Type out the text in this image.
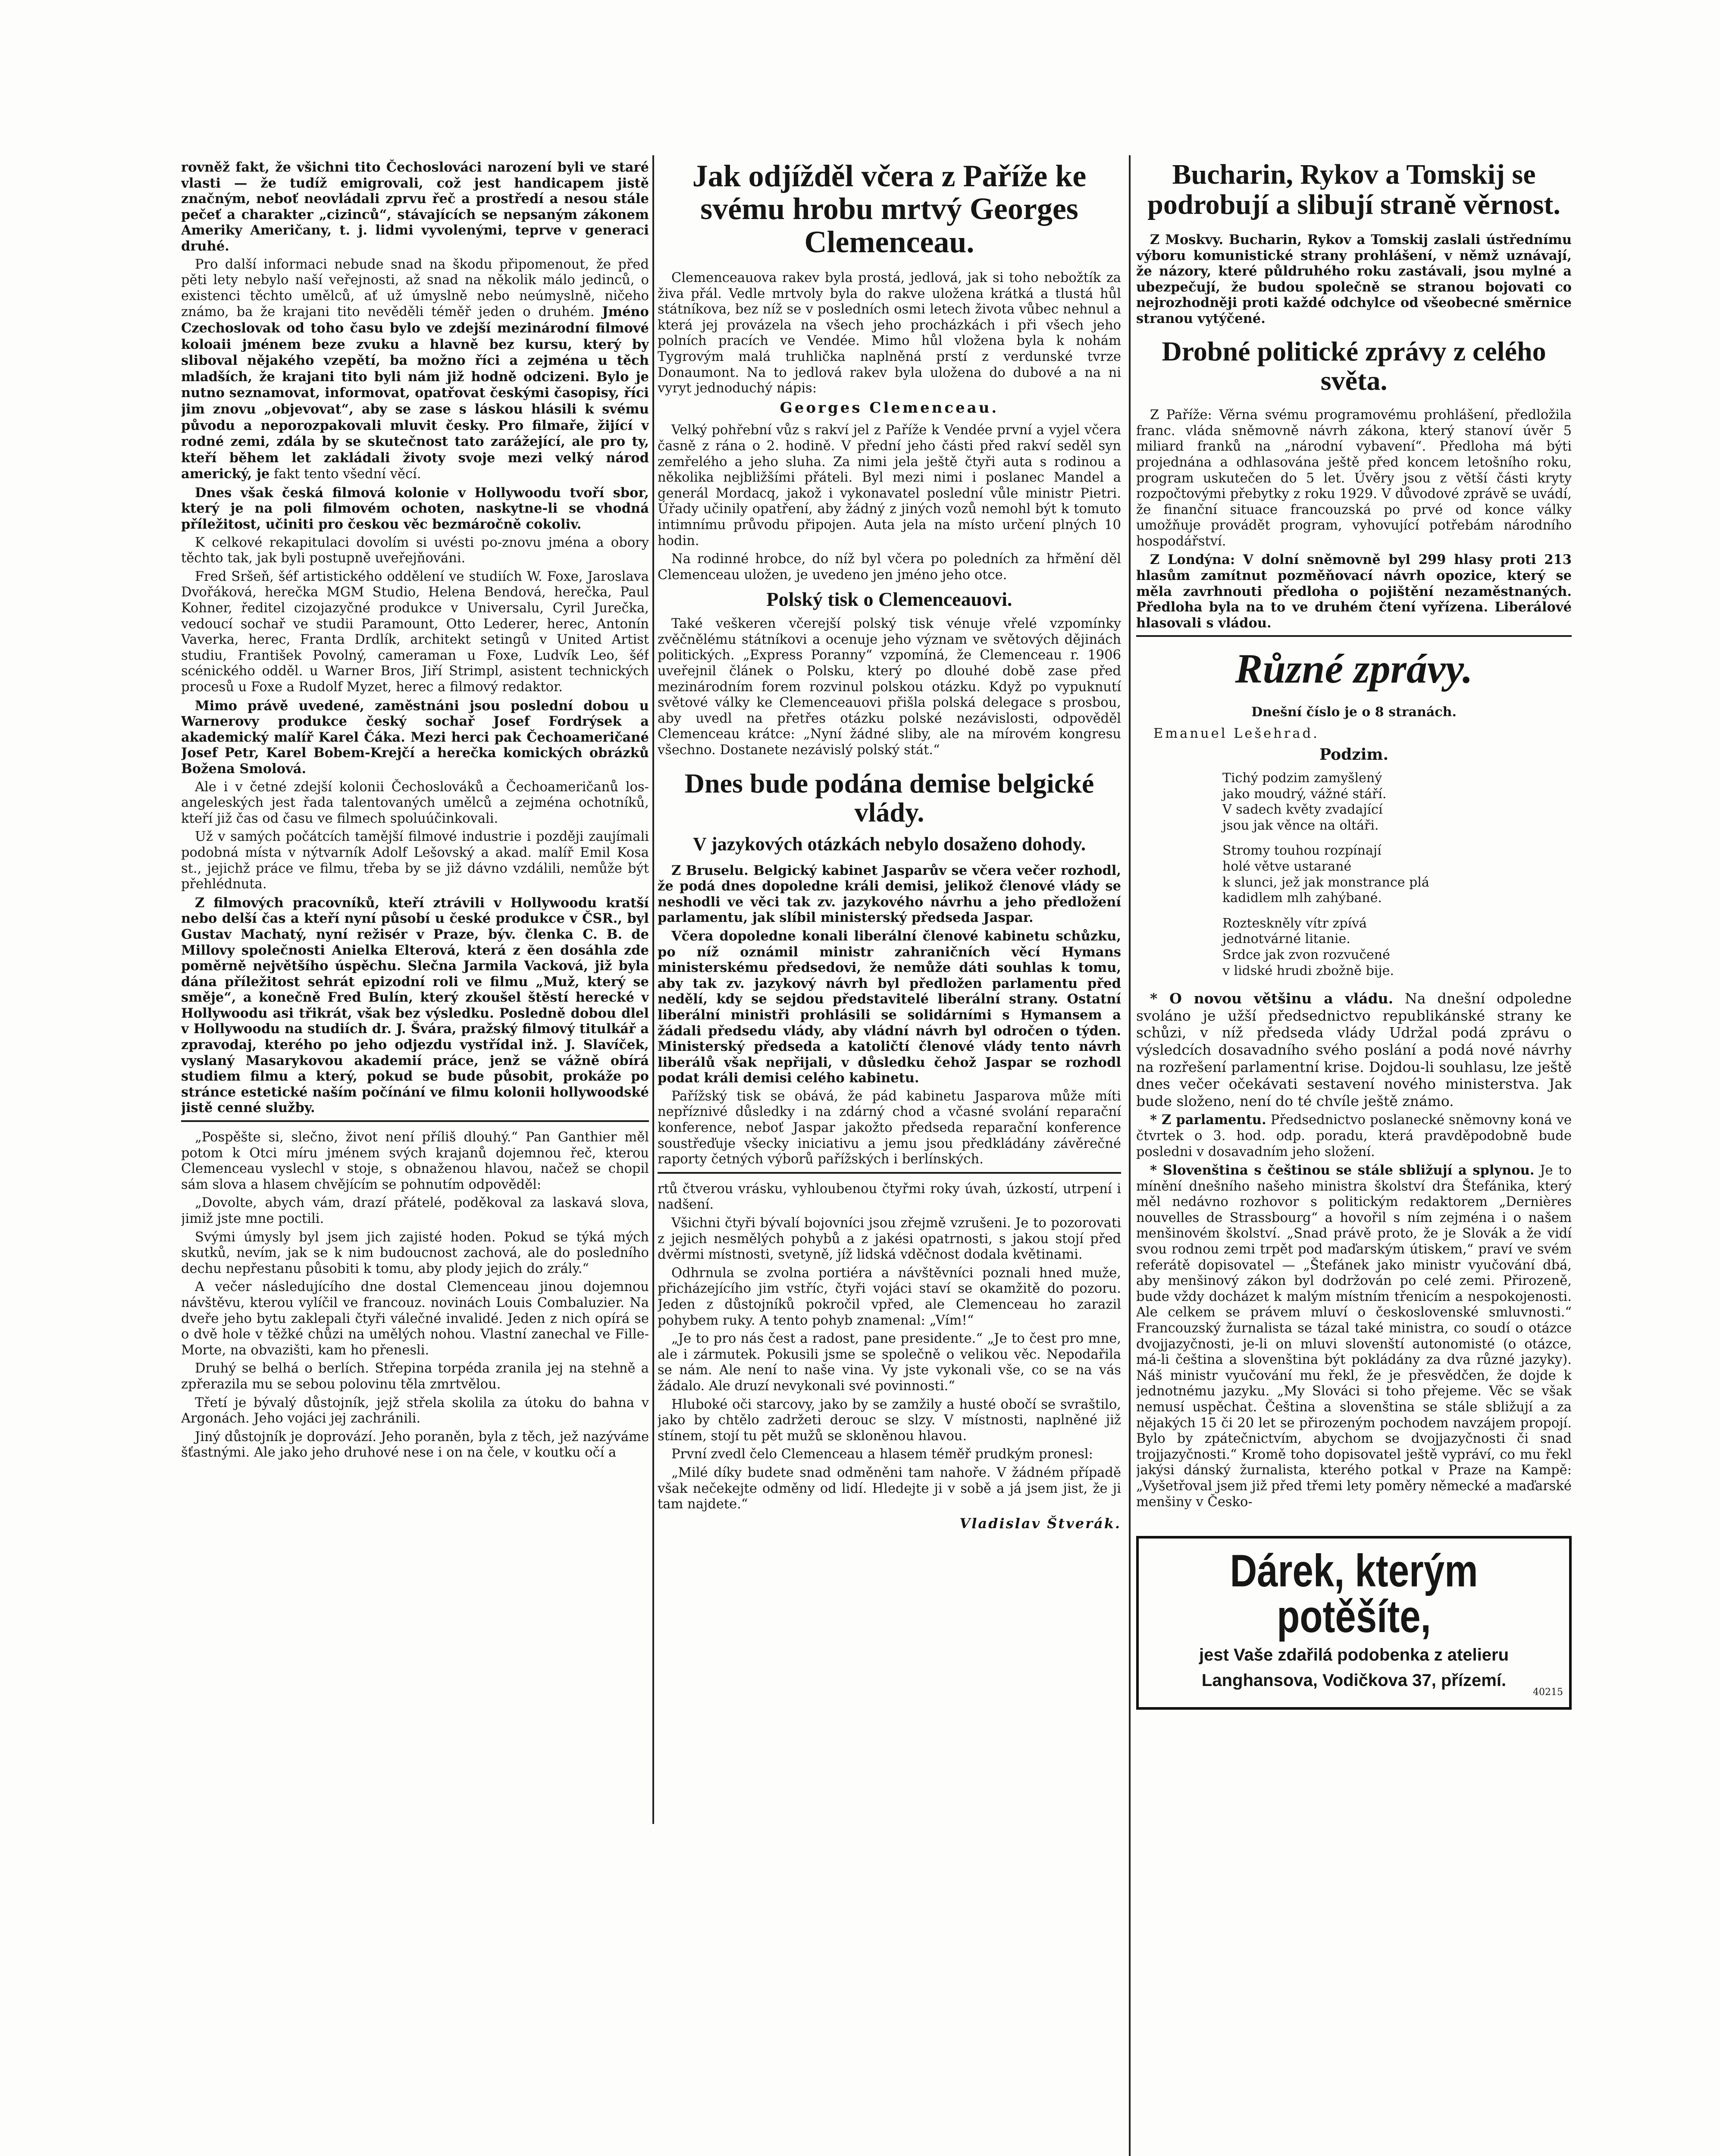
rovněž fakt, že všichni tito Čechoslováci narození byli ve staré vlasti — že tudíž emigrovali, což jest handicapem jistě značným, neboť neovládali zprvu řeč a prostředí a nesou stále pečeť a charakter „cizinců“, stávajících se nepsaným zákonem Ameriky Američany, t. j. lidmi vyvolenými, teprve v generaci druhé.

Pro další informaci nebude snad na škodu připomenout, že před pěti lety nebylo naší veřejnosti, až snad na několik málo jedinců, o existenci těchto umělců, ať už úmyslně nebo neúmyslně, ničeho známo, ba že krajani tito nevěděli téměř jeden o druhém. Jméno Czechoslovak od toho času bylo ve zdejší mezinárodní filmové koloaii jménem beze zvuku a hlavně bez kursu, který by sliboval nějakého vzepětí, ba možno říci a zejména u těch mladších, že krajani tito byli nám již hodně odcizeni. Bylo je nutno seznamovat, informovat, opatřovat českými časopisy, říci jim znovu „objevovat“, aby se zase s láskou hlásili k svému původu a neporozpakovali mluvit česky. Pro filmaře, žijící v rodné zemi, zdála by se skutečnost tato zarážející, ale pro ty, kteří během let zakládali životy svoje mezi velký národ americký, je fakt tento všední věcí.

Dnes však česká filmová kolonie v Hollywoodu tvoří sbor, který je na poli filmovém ochoten, naskytne-li se vhodná příležitost, učiniti pro českou věc bezmáročně cokoliv.

K celkové rekapitulaci dovolím si uvésti po-znovu jména a obory těchto tak, jak byli postupně uveřejňováni.

Fred Sršeň, šéf artistického oddělení ve studiích W. Foxe, Jaroslava Dvořáková, herečka MGM Studio, Helena Bendová, herečka, Paul Kohner, ředitel cizojazyčné produkce v Universalu, Cyril Jurečka, vedoucí sochař ve studii Paramount, Otto Lederer, herec, Antonín Vaverka, herec, Franta Drdlík, architekt setingů v United Artist studiu, František Povolný, cameraman u Foxe, Ludvík Leo, šéf scénického odděl. u Warner Bros, Jiří Strimpl, asistent technických procesů u Foxe a Rudolf Myzet, herec a filmový redaktor.

Mimo právě uvedené, zaměstnáni jsou poslední dobou u Warnerovy produkce český sochař Josef Fordrýsek a akademický malíř Karel Čáka. Mezi herci pak Čechoameričané Josef Petr, Karel Bobem-Krejčí a herečka komických obrázků Božena Smolová.

Ale i v četné zdejší kolonii Čechoslováků a Čechoameričanů los-angeleských jest řada talentovaných umělců a zejména ochotníků, kteří již čas od času ve filmech spoluúčinkovali.

Už v samých počátcích tamější filmové industrie i později zaujímali podobná místa v nýtvarník Adolf Lešovský a akad. malíř Emil Kosa st., jejichž práce ve filmu, třeba by se již dávno vzdálili, nemůže být přehlédnuta.

Z filmových pracovníků, kteří ztrávili v Hollywoodu kratší nebo delší čas a kteří nyní působí u české produkce v ČSR., byl Gustav Machatý, nyní režisér v Praze, býv. členka C. B. de Millovy společnosti Anielka Elterová, která z ĕen dosáhla zde poměrně největšího úspěchu. Slečna Jarmila Vacková, již byla dána příležitost sehrát epizodní roli ve filmu „Muž, který se směje“, a konečně Fred Bulín, který zkoušel štěstí herecké v Hollywoodu asi třikrát, však bez výsledku. Posledně dobou dlel v Hollywoodu na studiích dr. J. Švára, pražský filmový titulkář a zpravodaj, kterého po jeho odjezdu vystřídal inž. J. Slavíček, vyslaný Masarykovou akademií práce, jenž se vážně obírá studiem filmu a který, pokud se bude působit, prokáže po stránce estetické naším počínání ve filmu kolonii hollywoodské jistě cenné služby.

„Pospěšte si, slečno, život není příliš dlouhý.“ Pan Ganthier měl potom k Otci míru jménem svých krajanů dojemnou řeč, kterou Clemenceau vyslechl v stoje, s obnaženou hlavou, načež se chopil sám slova a hlasem chvějícím se pohnutím odpověděl:

„Dovolte, abych vám, drazí přátelé, poděkoval za laskavá slova, jimiž jste mne poctili.

Svými úmysly byl jsem jich zajisté hoden. Pokud se týká mých skutků, nevím, jak se k nim budoucnost zachová, ale do posledního dechu nepřestanu působiti k tomu, aby plody jejich do zrály.“

A večer následujícího dne dostal Clemenceau jinou dojemnou návštěvu, kterou vylíčil ve francouz. novinách Louis Combaluzier. Na dveře jeho bytu zaklepali čtyři válečné invalidé. Jeden z nich opírá se o dvě hole v těžké chůzi na umělých nohou. Vlastní zanechal ve Fille-Morte, na obvazišti, kam ho přenesli.

Druhý se belhá o berlích. Střepina torpéda zranila jej na stehně a zpřerazila mu se sebou polovinu těla zmrtvělou.

Třetí je bývalý důstojník, jejž střela skolila za útoku do bahna v Argonách. Jeho vojáci jej zachránili.

Jiný důstojník je doprovází. Jeho poraněn, byla z těch, jež nazýváme šťastnými. Ale jako jeho druhové nese i on na čele, v koutku očí a

Jak odjížděl včera z Paříže ke svému hrobu mrtvý Georges Clemenceau.

Clemenceauova rakev byla prostá, jedlová, jak si toho nebožtík za živa přál. Vedle mrtvoly byla do rakve uložena krátká a tlustá hůl státníkova, bez níž se v posledních osmi letech života vůbec nehnul a která jej provázela na všech jeho procházkách i při všech jeho polních pracích ve Vendée. Mimo hůl vložena byla k nohám Tygrovým malá truhlička naplněná prstí z verdunské tvrze Donaumont. Na to jedlová rakev byla uložena do dubové a na ni vyryt jednoduchý nápis:

Georges Clemenceau.

Velký pohřební vůz s rakví jel z Paříže k Vendée první a vyjel včera časně z rána o 2. hodině. V přední jeho části před rakví seděl syn zemřelého a jeho sluha. Za nimi jela ještě čtyři auta s rodinou a několika nejbližšími přáteli. Byl mezi nimi i poslanec Mandel a generál Mordacq, jakož i vykonavatel poslední vůle ministr Pietri. Úřady učinily opatření, aby žádný z jiných vozů nemohl být k tomuto intimnímu průvodu připojen. Auta jela na místo určení plných 10 hodin.

Na rodinné hrobce, do níž byl včera po poledních za hřmění děl Clemenceau uložen, je uvedeno jen jméno jeho otce.

Polský tisk o Clemenceauovi.

Také veškeren včerejší polský tisk vénuje vřelé vzpomínky zvěčnělému státníkovi a ocenuje jeho význam ve světových dějinách politických. „Express Poranny“ vzpomíná, že Clemenceau r. 1906 uveřejnil článek o Polsku, který po dlouhé době zase před mezinárodním forem rozvinul polskou otázku. Když po vypuknutí světové války ke Clemenceauovi přišla polská delegace s prosbou, aby uvedl na přetřes otázku polské nezávislosti, odpověděl Clemenceau krátce: „Nyní žádné sliby, ale na mírovém kongresu všechno. Dostanete nezávislý polský stát.“

Dnes bude podána demise belgické vlády.
V jazykových otázkách nebylo dosaženo dohody.

Z Bruselu. Belgický kabinet Jasparův se včera večer rozhodl, že podá dnes dopoledne králi demisi, jelikož členové vlády se neshodli ve věci tak zv. jazykového návrhu a jeho předložení parlamentu, jak slíbil ministerský předseda Jaspar.

Včera dopoledne konali liberální členové kabinetu schůzku, po níž oznámil ministr zahraničních věcí Hymans ministerskému předsedovi, že nemůže dáti souhlas k tomu, aby tak zv. jazykový návrh byl předložen parlamentu před nedělí, kdy se sejdou představitelé liberální strany. Ostatní liberální ministři prohlásili se solidárními s Hymansem a žádali předsedu vlády, aby vládní návrh byl odročen o týden. Ministerský předseda a katoličtí členové vlády tento návrh liberálů však nepřijali, v důsledku čehož Jaspar se rozhodl podat králi demisi celého kabinetu.

Pařížský tisk se obává, že pád kabinetu Jasparova může míti nepříznivé důsledky i na zdárný chod a včasné svolání reparační konference, neboť Jaspar jakožto předseda reparační konference soustřeďuje všecky iniciativu a jemu jsou předkládány závěrečné raporty četných výborů pařížských i berlínských.

rtů čtverou vrásku, vyhloubenou čtyřmi roky úvah, úzkostí, utrpení i nadšení.

Všichni čtyři bývalí bojovníci jsou zřejmě vzrušeni. Je to pozorovati z jejich nesmělých pohybů a z jakési opatrnosti, s jakou stojí před dvěrmi místnosti, svetyně, jíž lidská vděčnost dodala květinami.

Odhrnula se zvolna portiéra a návštěvníci poznali hned muže, přicházejícího jim vstříc, čtyři vojáci staví se okamžitě do pozoru. Jeden z důstojníků pokročil vpřed, ale Clemenceau ho zarazil pohybem ruky. A tento pohyb znamenal: „Vím!“

„Je to pro nás čest a radost, pane presidente.“ „Je to čest pro mne, ale i zármutek. Pokusili jsme se společně o velikou věc. Nepodařila se nám. Ale není to naše vina. Vy jste vykonali vše, co se na vás žádalo. Ale druzí nevykonali své povinnosti.“

Hluboké oči starcovy, jako by se zamžily a husté obočí se svraštilo, jako by chtělo zadržeti derouc se slzy. V místnosti, naplněné již stínem, stojí tu pět mužů se skloněnou hlavou.

První zvedl čelo Clemenceau a hlasem téměř prudkým pronesl:

„Milé díky budete snad odměněni tam nahoře. V žádném případě však nečekejte odměny od lidí. Hledejte ji v sobě a já jsem jist, že ji tam najdete.“

Vladislav Štverák.
Bucharin, Rykov a Tomskij se podrobují a slibují straně věrnost.

Z Moskvy. Bucharin, Rykov a Tomskij zaslali ústřednímu výboru komunistické strany prohlášení, v němž uznávají, že názory, které půldruhého roku zastávali, jsou mylné a ubezpečují, že budou společně se stranou bojovati co nejrozhodněji proti každé odchylce od všeobecné směrnice stranou vytýčené.

Drobné politické zprávy z celého světa.

Z Paříže: Věrna svému programovému prohlášení, předložila franc. vláda sněmovně návrh zákona, který stanoví úvěr 5 miliard franků na „národní vybavení“. Předloha má býti projednána a odhlasována ještě před koncem letošního roku, program uskutečen do 5 let. Úvěry jsou z větší části kryty rozpočtovými přebytky z roku 1929. V důvodové zprávě se uvádí, že finanční situace francouzská po prvé od konce války umožňuje provádět program, vyhovující potřebám národního hospodářství.

Z Londýna: V dolní sněmovně byl 299 hlasy proti 213 hlasům zamítnut pozměňovací návrh opozice, který se měla zavrhnouti předloha o pojištění nezaměstnaných. Předloha byla na to ve druhém čtení vyřízena. Liberálové hlasovali s vládou.

Různé zprávy.

Dnešní číslo je o 8 stranách.

Emanuel Lešehrad.

Podzim.
Tichý podzim zamyšlený
jako moudrý, vážné stáří.
V sadech květy zvadající
jsou jak věnce na oltáři.
Stromy touhou rozpínají
holé větve ustarané
k slunci, jež jak monstrance plá
kadidlem mlh zahýbané.
Rozteskněly vítr zpívá
jednotvárné litanie.
Srdce jak zvon rozvučené
v lidské hrudi zbožně bije.

* O novou většinu a vládu. Na dnešní odpoledne svoláno je užší předsednictvo republikánské strany ke schůzi, v níž předseda vlády Udržal podá zprávu o výsledcích dosavadního svého poslání a podá nové návrhy na rozřešení parlamentní krise. Dojdou-li souhlasu, lze ještě dnes večer očekávati sestavení nového ministerstva. Jak bude složeno, není do té chvíle ještě známo.

* Z parlamentu. Předsednictvo poslanecké sněmovny koná ve čtvrtek o 3. hod. odp. poradu, která pravděpodobně bude posledni v dosavadním jeho složení.

* Slovenština s češtinou se stále sbližují a splynou. Je to mínění dnešního našeho ministra školství dra Štefánika, který měl nedávno rozhovor s politickým redaktorem „Dernières nouvelles de Strassbourg“ a hovořil s ním zejména i o našem menšinovém školství. „Snad právě proto, že je Slovák a že vidí svou rodnou zemi trpět pod maďarským útiskem,“ praví ve svém referátě dopisovatel — „Štefánek jako ministr vyučování dbá, aby menšinový zákon byl dodržován po celé zemi. Přirozeně, bude vždy docházet k malým místním třenicím a nespokojenosti. Ale celkem se právem mluví o československé smluvnosti.“ Francouzský žurnalista se tázal také ministra, co soudí o otázce dvojjazyčnosti, je-li on mluvi slovenští autonomisté (o otázce, má-li čeština a slovenština být pokládány za dva různé jazyky). Náš ministr vyučování mu řekl, že je přesvědčen, že dojde k jednotnému jazyku. „My Slováci si toho přejeme. Věc se však nemusí uspěchat. Čeština a slovenština se stále sbližují a za nějakých 15 či 20 let se přirozeným pochodem navzájem propojí. Bylo by zpátečnictvím, abychom se dvojjazyčnosti či snad trojjazyčnosti.“ Kromě toho dopisovatel ještě vypráví, co mu řekl jakýsi dánský žurnalista, kterého potkal v Praze na Kampě: „Vyšetřoval jsem již před třemi lety poměry německé a maďarské menšiny v Česko-

Dárek, kterým potěšíte,
jest Vaše zdařilá podobenka z atelieru
Langhansova, Vodičkova 37, přízemí.
40215
